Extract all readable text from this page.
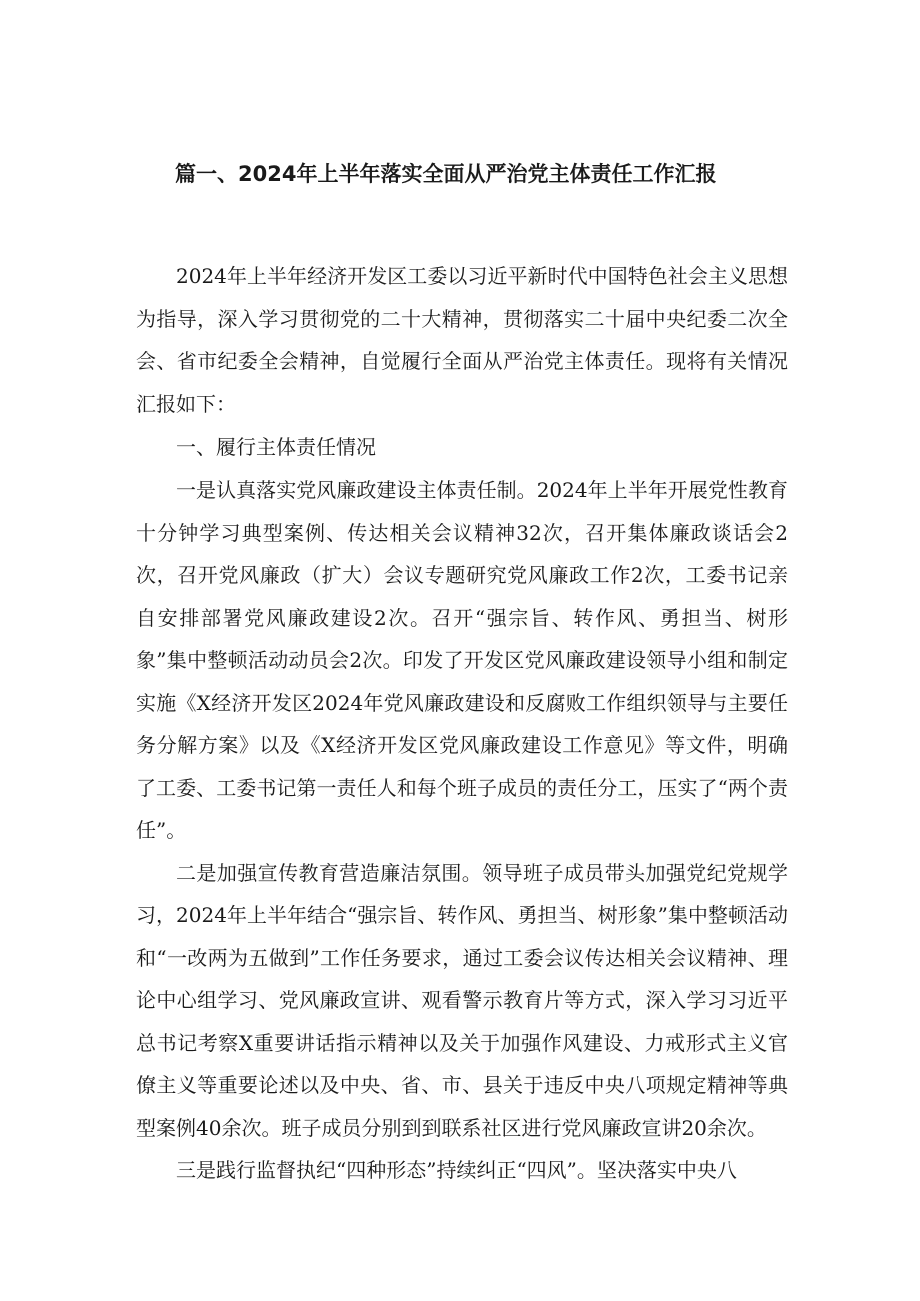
篇一、2024年上半年落实全面从严治党主体责任工作汇报

2024年上半年经济开发区工委以习近平新时代中国特色社会主义思想为指导，深入学习贯彻党的二十大精神，贯彻落实二十届中央纪委二次全会、省市纪委全会精神，自觉履行全面从严治党主体责任。现将有关情况汇报如下：

一、履行主体责任情况

一是认真落实党风廉政建设主体责任制。2024年上半年开展党性教育十分钟学习典型案例、传达相关会议精神32次，召开集体廉政谈话会2次，召开党风廉政（扩大）会议专题研究党风廉政工作2次，工委书记亲自安排部署党风廉政建设2次。召开“强宗旨、转作风、勇担当、树形象”集中整顿活动动员会2次。印发了开发区党风廉政建设领导小组和制定实施《X经济开发区2024年党风廉政建设和反腐败工作组织领导与主要任务分解方案》以及《X经济开发区党风廉政建设工作意见》等文件，明确了工委、工委书记第一责任人和每个班子成员的责任分工，压实了“两个责任”。

二是加强宣传教育营造廉洁氛围。领导班子成员带头加强党纪党规学习，2024年上半年结合“强宗旨、转作风、勇担当、树形象”集中整顿活动和“一改两为五做到”工作任务要求，通过工委会议传达相关会议精神、理论中心组学习、党风廉政宣讲、观看警示教育片等方式，深入学习习近平总书记考察X重要讲话指示精神以及关于加强作风建设、力戒形式主义官僚主义等重要论述以及中央、省、市、县关于违反中央八项规定精神等典型案例40余次。班子成员分别到到联系社区进行党风廉政宣讲20余次。

三是践行监督执纪“四种形态”持续纠正“四风”。坚决落实中央八
